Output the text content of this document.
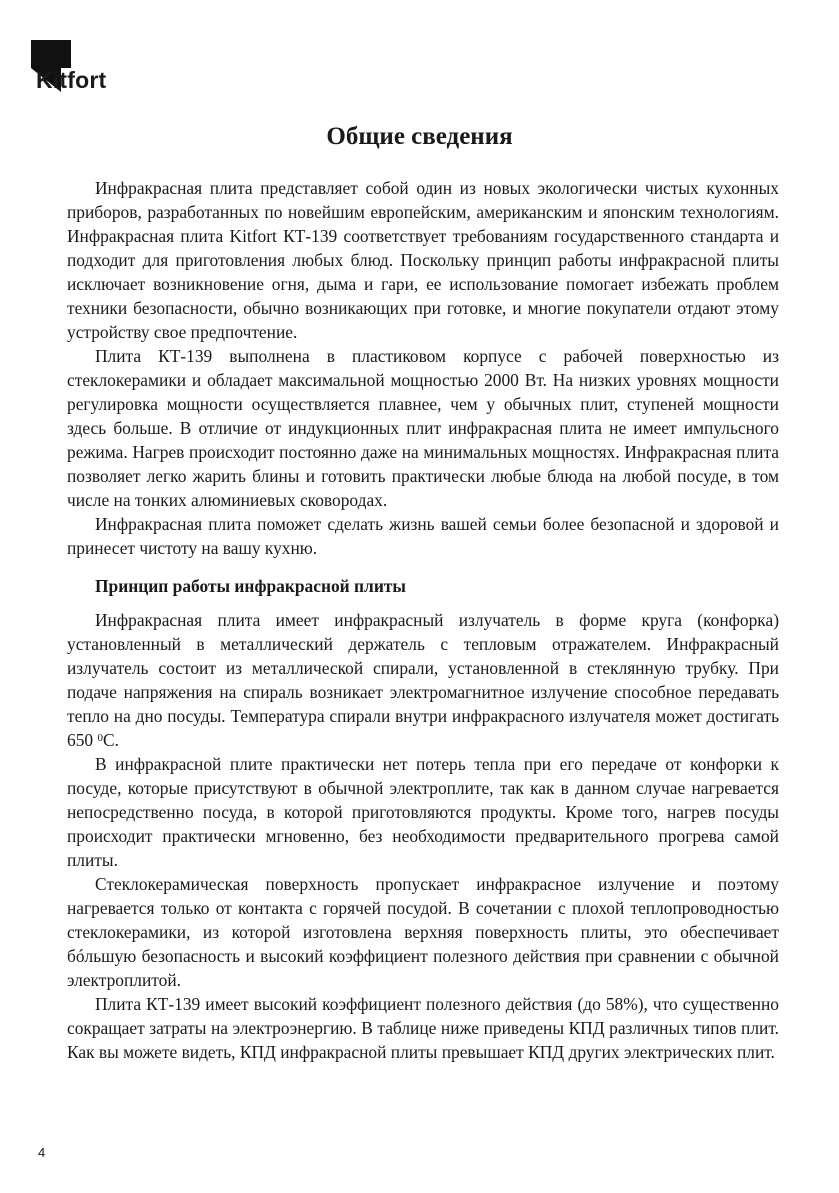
Kitfort
Общие сведения

Инфракрасная плита представляет собой один из новых экологически чистых кухонных приборов, разработанных по новейшим европейским, американским и японским технологиям. Инфракрасная плита Kitfort КТ-139 соответствует требованиям государственного стандарта и подходит для приготовления любых блюд. Поскольку принцип работы инфракрасной плиты исключает возникновение огня, дыма и гари, ее использование помогает избежать проблем техники безопасности, обычно возникающих при готовке, и многие покупатели отдают этому устройству свое предпочтение.

Плита КТ-139 выполнена в пластиковом корпусе с рабочей поверхностью из стеклокерамики и обладает максимальной мощностью 2000 Вт. На низких уровнях мощности регулировка мощности осуществляется плавнее, чем у обычных плит, ступеней мощности здесь больше. В отличие от индукционных плит инфракрасная плита не имеет импульсного режима. Нагрев происходит постоянно даже на минимальных мощностях. Инфракрасная плита позволяет легко жарить блины и готовить практически любые блюда на любой посуде, в том числе на тонких алюминиевых сковородах.

Инфракрасная плита поможет сделать жизнь вашей семьи более безопасной и здоровой и принесет чистоту на вашу кухню.

Принцип работы инфракрасной плиты

Инфракрасная плита имеет инфракрасный излучатель в форме круга (конфорка) установленный в металлический держатель с тепловым отражателем. Инфракрасный излучатель состоит из металлической спирали, установленной в стеклянную трубку. При подаче напряжения на спираль возникает электромагнитное излучение способное передавать тепло на дно посуды. Температура спирали внутри инфракрасного излучателя может достигать 650 $^0$С.

В инфракрасной плите практически нет потерь тепла при его передаче от конфорки к посуде, которые присутствуют в обычной электроплите, так как в данном случае нагревается непосредственно посуда, в которой приготовляются продукты. Кроме того, нагрев посуды происходит практически мгновенно, без необходимости предварительного прогрева самой плиты.

Стеклокерамическая поверхность пропускает инфракрасное излучение и поэтому нагревается только от контакта с горячей посудой. В сочетании с плохой теплопроводностью стеклокерамики, из которой изготовлена верхняя поверхность плиты, это обеспечивает бóльшую безопасность и высокий коэффициент полезного действия при сравнении с обычной электроплитой.

Плита КТ-139 имеет высокий коэффициент полезного действия (до 58%), что существенно сокращает затраты на электроэнергию. В таблице ниже приведены КПД различных типов плит. Как вы можете видеть, КПД инфракрасной плиты превышает КПД других электрических плит.

4
